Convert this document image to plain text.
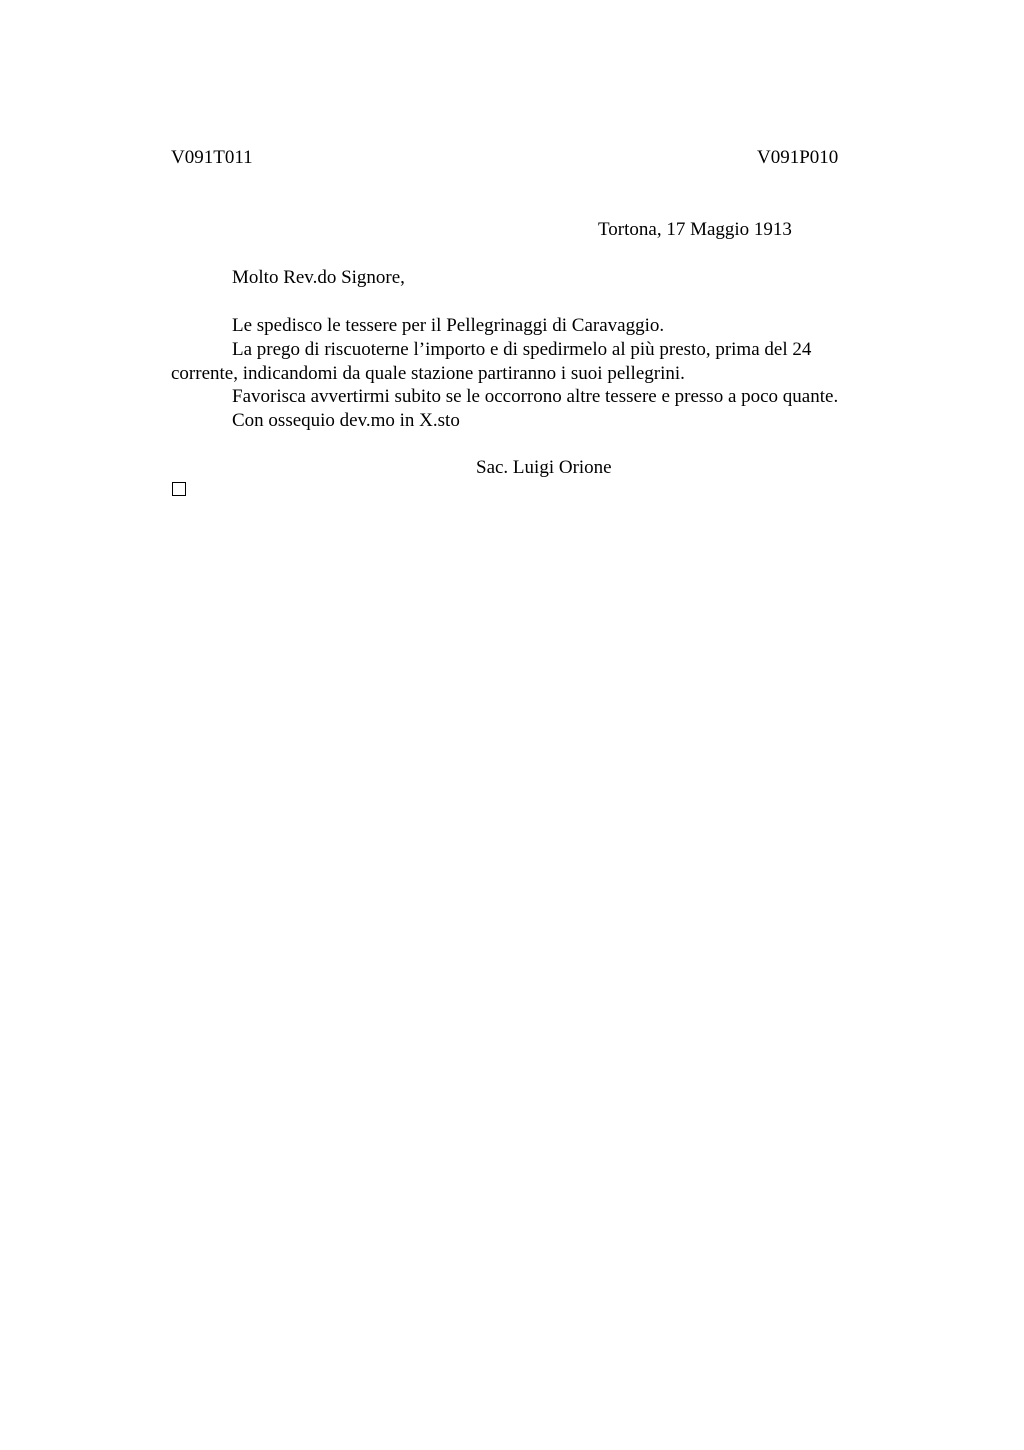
V091T011	V091P010
Tortona, 17 Maggio 1913
Molto Rev.do Signore,
Le spedisco le tessere per il Pellegrinaggi di Caravaggio.
La prego di riscuoterne l’importo e di spedirmelo al più presto, prima del 24
corrente, indicandomi da quale stazione partiranno i suoi pellegrini.
Favorisca avvertirmi subito se le occorrono altre tessere e presso a poco quante.
Con ossequio dev.mo in X.sto
Sac. Luigi Orione
